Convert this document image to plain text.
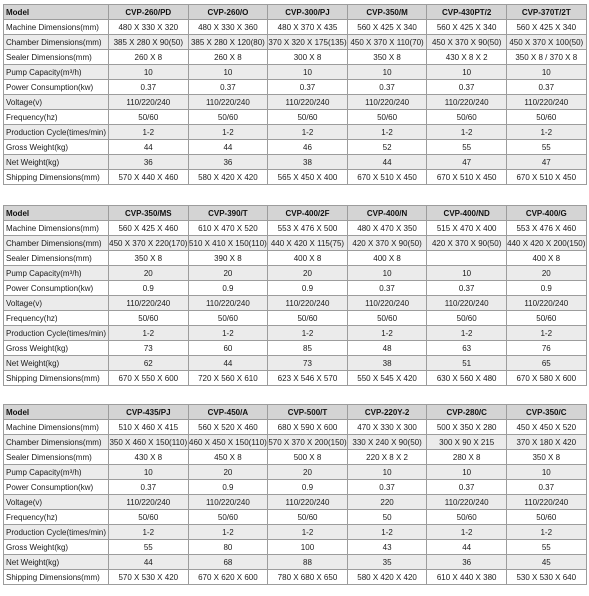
Model	CVP-260/PD	CVP-260/O	CVP-300/PJ	CVP-350/M	CVP-430PT/2	CVP-370T/2T
Machine Dimensions(mm)	480 X 330 X 320	480 X 330 X 360	480 X 370 X 435	560 X 425 X 340	560 X 425 X 340	560 X 425 X 340
Chamber Dimensions(mm)	385 X 280 X 90(50)	385 X 280 X 120(80)	370 X 320 X 175(135)	450 X 370 X 110(70)	450 X 370 X 90(50)	450 X 370 X 100(50)
Sealer Dimensions(mm)	260 X 8	260 X 8	300 X 8	350 X 8	430 X 8 X 2	350 X 8 / 370 X 8
Pump Capacity(m³/h)	10	10	10	10	10	10
Power Consumption(kw)	0.37	0.37	0.37	0.37	0.37	0.37
Voltage(v)	110/220/240	110/220/240	110/220/240	110/220/240	110/220/240	110/220/240
Frequency(hz)	50/60	50/60	50/60	50/60	50/60	50/60
Production Cycle(times/min)	1-2	1-2	1-2	1-2	1-2	1-2
Gross Weight(kg)	44	44	46	52	55	55
Net Weight(kg)	36	36	38	44	47	47
Shipping Dimensions(mm)	570 X 440 X 460	580 X 420 X 420	565 X 450 X 400	670 X 510 X 450	670 X 510 X 450	670 X 510 X 450
Model	CVP-350/MS	CVP-390/T	CVP-400/2F	CVP-400/N	CVP-400/ND	CVP-400/G
Machine Dimensions(mm)	560 X 425 X 460	610 X 470 X 520	553 X 476 X 500	480 X 470 X 350	515 X 470 X 400	553 X 476 X 460
Chamber Dimensions(mm)	450 X 370 X 220(170)	510 X 410 X 150(110)	440 X 420 X 115(75)	420 X 370 X 90(50)	420 X 370 X 90(50)	440 X 420 X 200(150)
Sealer Dimensions(mm)	350 X 8	390 X 8	400 X 8	400 X 8		400 X 8
Pump Capacity(m³/h)	20	20	20	10	10	20
Power Consumption(kw)	0.9	0.9	0.9	0.37	0.37	0.9
Voltage(v)	110/220/240	110/220/240	110/220/240	110/220/240	110/220/240	110/220/240
Frequency(hz)	50/60	50/60	50/60	50/60	50/60	50/60
Production Cycle(times/min)	1-2	1-2	1-2	1-2	1-2	1-2
Gross Weight(kg)	73	60	85	48	63	76
Net Weight(kg)	62	44	73	38	51	65
Shipping Dimensions(mm)	670 X 550 X 600	720 X 560 X 610	623 X 546 X 570	550 X 545 X 420	630 X 560 X 480	670 X 580 X 600
Model	CVP-435/PJ	CVP-450/A	CVP-500/T	CVP-220Y-2	CVP-280/C	CVP-350/C
Machine Dimensions(mm)	510 X 460 X 415	560 X 520 X 460	680 X 590 X 600	470 X 330 X 300	500 X 350 X 280	450 X 450 X 520
Chamber Dimensions(mm)	350 X 460 X 150(110)	460 X 450 X 150(110)	570 X 370 X 200(150)	330 X 240 X 90(50)	300 X 90 X 215	370 X 180 X 420
Sealer Dimensions(mm)	430 X 8	450 X 8	500 X 8	220 X 8 X 2	280 X 8	350 X 8
Pump Capacity(m³/h)	10	20	20	10	10	10
Power Consumption(kw)	0.37	0.9	0.9	0.37	0.37	0.37
Voltage(v)	110/220/240	110/220/240	110/220/240	220	110/220/240	110/220/240
Frequency(hz)	50/60	50/60	50/60	50	50/60	50/60
Production Cycle(times/min)	1-2	1-2	1-2	1-2	1-2	1-2
Gross Weight(kg)	55	80	100	43	44	55
Net Weight(kg)	44	68	88	35	36	45
Shipping Dimensions(mm)	570 X 530 X 420	670 X 620 X 600	780 X 680 X 650	580 X 420 X 420	610 X 440 X 380	530 X 530 X 640
